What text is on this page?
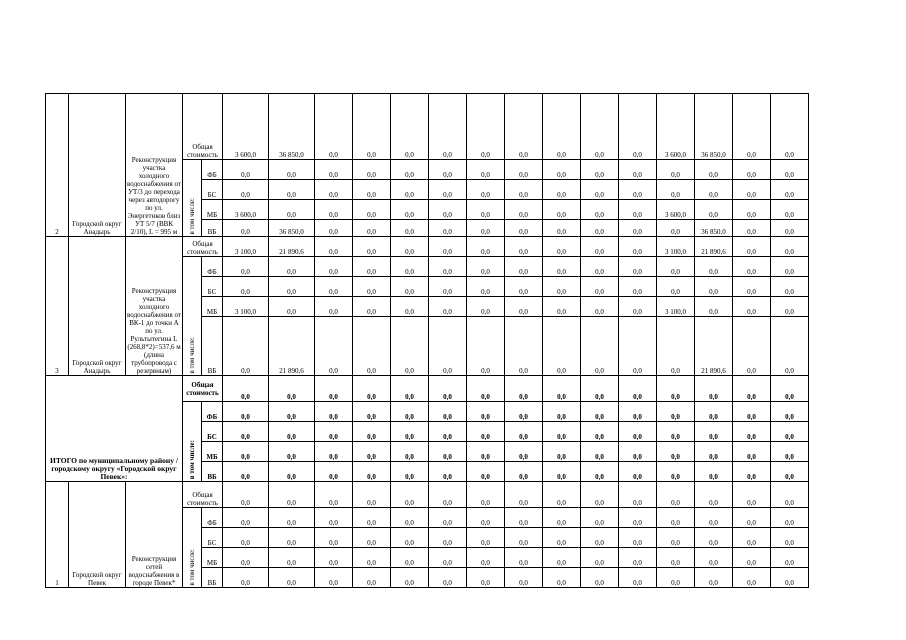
2	Городской округ Анадырь	Реконструкция участка холодного водоснабжения от УТ/3 до перехода через автодорогу по ул. Энергетиков близ УТ 5/7 (ВВК 2/10), L = 995 м	Общая стоимость		3 600,0	36 850,0	0,0	0,0	0,0	0,0	0,0	0,0	0,0	0,0	0,0	3 600,0	36 850,0	0,0	0,0
			в том числе:	ФБ	0,0	0,0	0,0	0,0	0,0	0,0	0,0	0,0	0,0	0,0	0,0	0,0	0,0	0,0	0,0
				БС	0,0	0,0	0,0	0,0	0,0	0,0	0,0	0,0	0,0	0,0	0,0	0,0	0,0	0,0	0,0
				МБ	3 600,0	0,0	0,0	0,0	0,0	0,0	0,0	0,0	0,0	0,0	0,0	3 600,0	0,0	0,0	0,0
				ВБ	0,0	36 850,0	0,0	0,0	0,0	0,0	0,0	0,0	0,0	0,0	0,0	0,0	36 850,0	0,0	0,0
3	Городской округ Анадырь	Реконструкция участка холодного водоснабжения от ВК-1 до точки А по ул. Рультытегина L (268,8*2)=537,6 м (длина трубопровода с резервным)	Общая стоимость		3 100,0	21 890,6	0,0	0,0	0,0	0,0	0,0	0,0	0,0	0,0	0,0	3 100,0	21 890,6	0,0	0,0
			в том числе:	ФБ	0,0	0,0	0,0	0,0	0,0	0,0	0,0	0,0	0,0	0,0	0,0	0,0	0,0	0,0	0,0
				БС	0,0	0,0	0,0	0,0	0,0	0,0	0,0	0,0	0,0	0,0	0,0	0,0	0,0	0,0	0,0
				МБ	3 100,0	0,0	0,0	0,0	0,0	0,0	0,0	0,0	0,0	0,0	0,0	3 100,0	0,0	0,0	0,0
				ВБ	0,0	21 890,6	0,0	0,0	0,0	0,0	0,0	0,0	0,0	0,0	0,0	0,0	21 890,6	0,0	0,0
ИТОГО по муниципальному району / городскому округу «Городской округ Певек»:			Общая стоимость		0,0	0,0	0,0	0,0	0,0	0,0	0,0	0,0	0,0	0,0	0,0	0,0	0,0	0,0	0,0
			в том числе:	ФБ	0,0	0,0	0,0	0,0	0,0	0,0	0,0	0,0	0,0	0,0	0,0	0,0	0,0	0,0	0,0
				БС	0,0	0,0	0,0	0,0	0,0	0,0	0,0	0,0	0,0	0,0	0,0	0,0	0,0	0,0	0,0
				МБ	0,0	0,0	0,0	0,0	0,0	0,0	0,0	0,0	0,0	0,0	0,0	0,0	0,0	0,0	0,0
				ВБ	0,0	0,0	0,0	0,0	0,0	0,0	0,0	0,0	0,0	0,0	0,0	0,0	0,0	0,0	0,0
1	Городской округ Певек	Реконструкция сетей водоснабжения в городе Певек*	Общая стоимость		0,0	0,0	0,0	0,0	0,0	0,0	0,0	0,0	0,0	0,0	0,0	0,0	0,0	0,0	0,0
			в том числе:	ФБ	0,0	0,0	0,0	0,0	0,0	0,0	0,0	0,0	0,0	0,0	0,0	0,0	0,0	0,0	0,0
				БС	0,0	0,0	0,0	0,0	0,0	0,0	0,0	0,0	0,0	0,0	0,0	0,0	0,0	0,0	0,0
				МБ	0,0	0,0	0,0	0,0	0,0	0,0	0,0	0,0	0,0	0,0	0,0	0,0	0,0	0,0	0,0
				ВБ	0,0	0,0	0,0	0,0	0,0	0,0	0,0	0,0	0,0	0,0	0,0	0,0	0,0	0,0	0,0
